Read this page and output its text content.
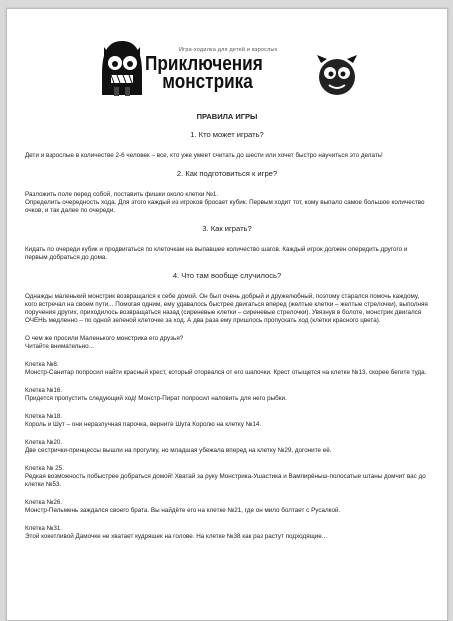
Игра-ходилка для детей и взрослых
Приключения
монстрика
ПРАВИЛА ИГРЫ
1. Кто может играть?

Дети и взрослые в количестве 2-6 человек – все, кто уже умеет считать до шести или хочет быстро научиться это делать!

2. Как подготовиться к игре?

Разложить поле перед собой, поставить фишки около клетки №1.
Определить очередность хода. Для этого каждый из игроков бросает кубик. Первым ходит тот, кому выпало самое большое количество очков, и так далее по очереди.

3. Как играть?

Кидать по очереди кубик и продвигаться по клеточкам на выпавшее количество шагов. Каждый игрок должен опередить другого и первым добраться до дома.

4. Что там вообще случилось?

Однажды маленький монстрик возвращался к себе домой. Он был очень добрый и дружелюбный, поэтому старался помочь каждому, кого встречал на своем пути... Помогая одним, ему удавалось быстрее двигаться вперед (желтые клетки – желтые стрелочки), выполняя поручения других, приходилось возвращаться назад (сиреневые клетки – сиреневые стрелочки). Увязнув в болоте, монстрик двигался ОЧЕНЬ медленно – по одной зеленой клеточке за ход. А два раза ему пришлось пропускать ход (клетки красного цвета).

О чем же просили Маленького монстрика его друзья?
Читайте внимательно...

Клетка №8.
Монстр-Санитар попросил найти красный крест, который оторвался от его шапочки. Крест отыщется на клетке №13, скорее бегите туда.

Клетка №16.
Придется пропустить следующий ход! Монстр-Пират попросил наловить для него рыбки.

Клетка №18.
Король и Шут – они неразлучная парочка, верните Шута Королю на клетку №14.

Клетка №20.
Две сестрички-принцессы вышли на прогулку, но младшая убежала вперед на клетку №29, догоните её.

Клетка № 25.
Редкая возможность побыстрее добраться домой! Хватай за руку Монстрика-Ушастика и Вампирёныш-полосатые штаны домчит вас до клетки №53.

Клетка №26.
Монстр-Пельмень заждался своего брата. Вы найдёте его на клетке №21, где он мило болтает с Русалкой.

Клетка №31.
Этой кокетливой Дамочке не хватает кудряшек на голове. На клетке №38 как раз растут подходящие...
